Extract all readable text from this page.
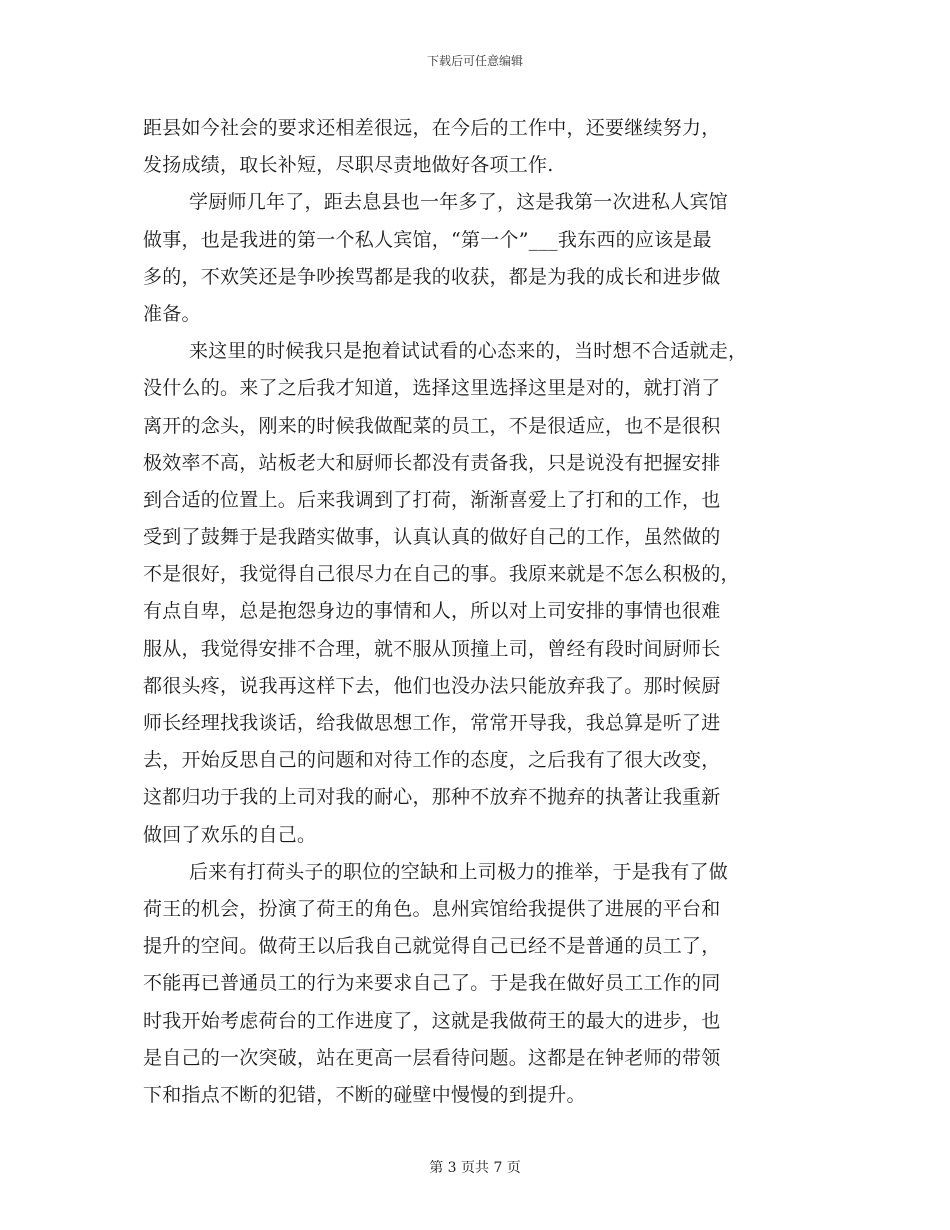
下载后可任意编辑
距县如今社会的要求还相差很远，在今后的工作中，还要继续努力，
发扬成绩，取长补短，尽职尽责地做好各项工作.
学厨师几年了，距去息县也一年多了，这是我第一次进私人宾馆
做事，也是我进的第一个私人宾馆，“第一个”___我东西的应该是最
多的，不欢笑还是争吵挨骂都是我的收获，都是为我的成长和进步做
准备。
来这里的时候我只是抱着试试看的心态来的，当时想不合适就走，
没什么的。来了之后我才知道，选择这里选择这里是对的，就打消了
离开的念头，刚来的时候我做配菜的员工，不是很适应，也不是很积
极效率不高，站板老大和厨师长都没有责备我，只是说没有把握安排
到合适的位置上。后来我调到了打荷，渐渐喜爱上了打和的工作，也
受到了鼓舞于是我踏实做事，认真认真的做好自己的工作，虽然做的
不是很好，我觉得自己很尽力在自己的事。我原来就是不怎么积极的，
有点自卑，总是抱怨身边的事情和人，所以对上司安排的事情也很难
服从，我觉得安排不合理，就不服从顶撞上司，曾经有段时间厨师长
都很头疼，说我再这样下去，他们也没办法只能放弃我了。那时候厨
师长经理找我谈话，给我做思想工作，常常开导我，我总算是听了进
去，开始反思自己的问题和对待工作的态度，之后我有了很大改变，
这都归功于我的上司对我的耐心，那种不放弃不抛弃的执著让我重新
做回了欢乐的自己。
后来有打荷头子的职位的空缺和上司极力的推举，于是我有了做
荷王的机会，扮演了荷王的角色。息州宾馆给我提供了进展的平台和
提升的空间。做荷王以后我自己就觉得自己已经不是普通的员工了，
不能再已普通员工的行为来要求自己了。于是我在做好员工工作的同
时我开始考虑荷台的工作进度了，这就是我做荷王的最大的进步，也
是自己的一次突破，站在更高一层看待问题。这都是在钟老师的带领
下和指点不断的犯错，不断的碰壁中慢慢的到提升。
第 3 页共 7 页
